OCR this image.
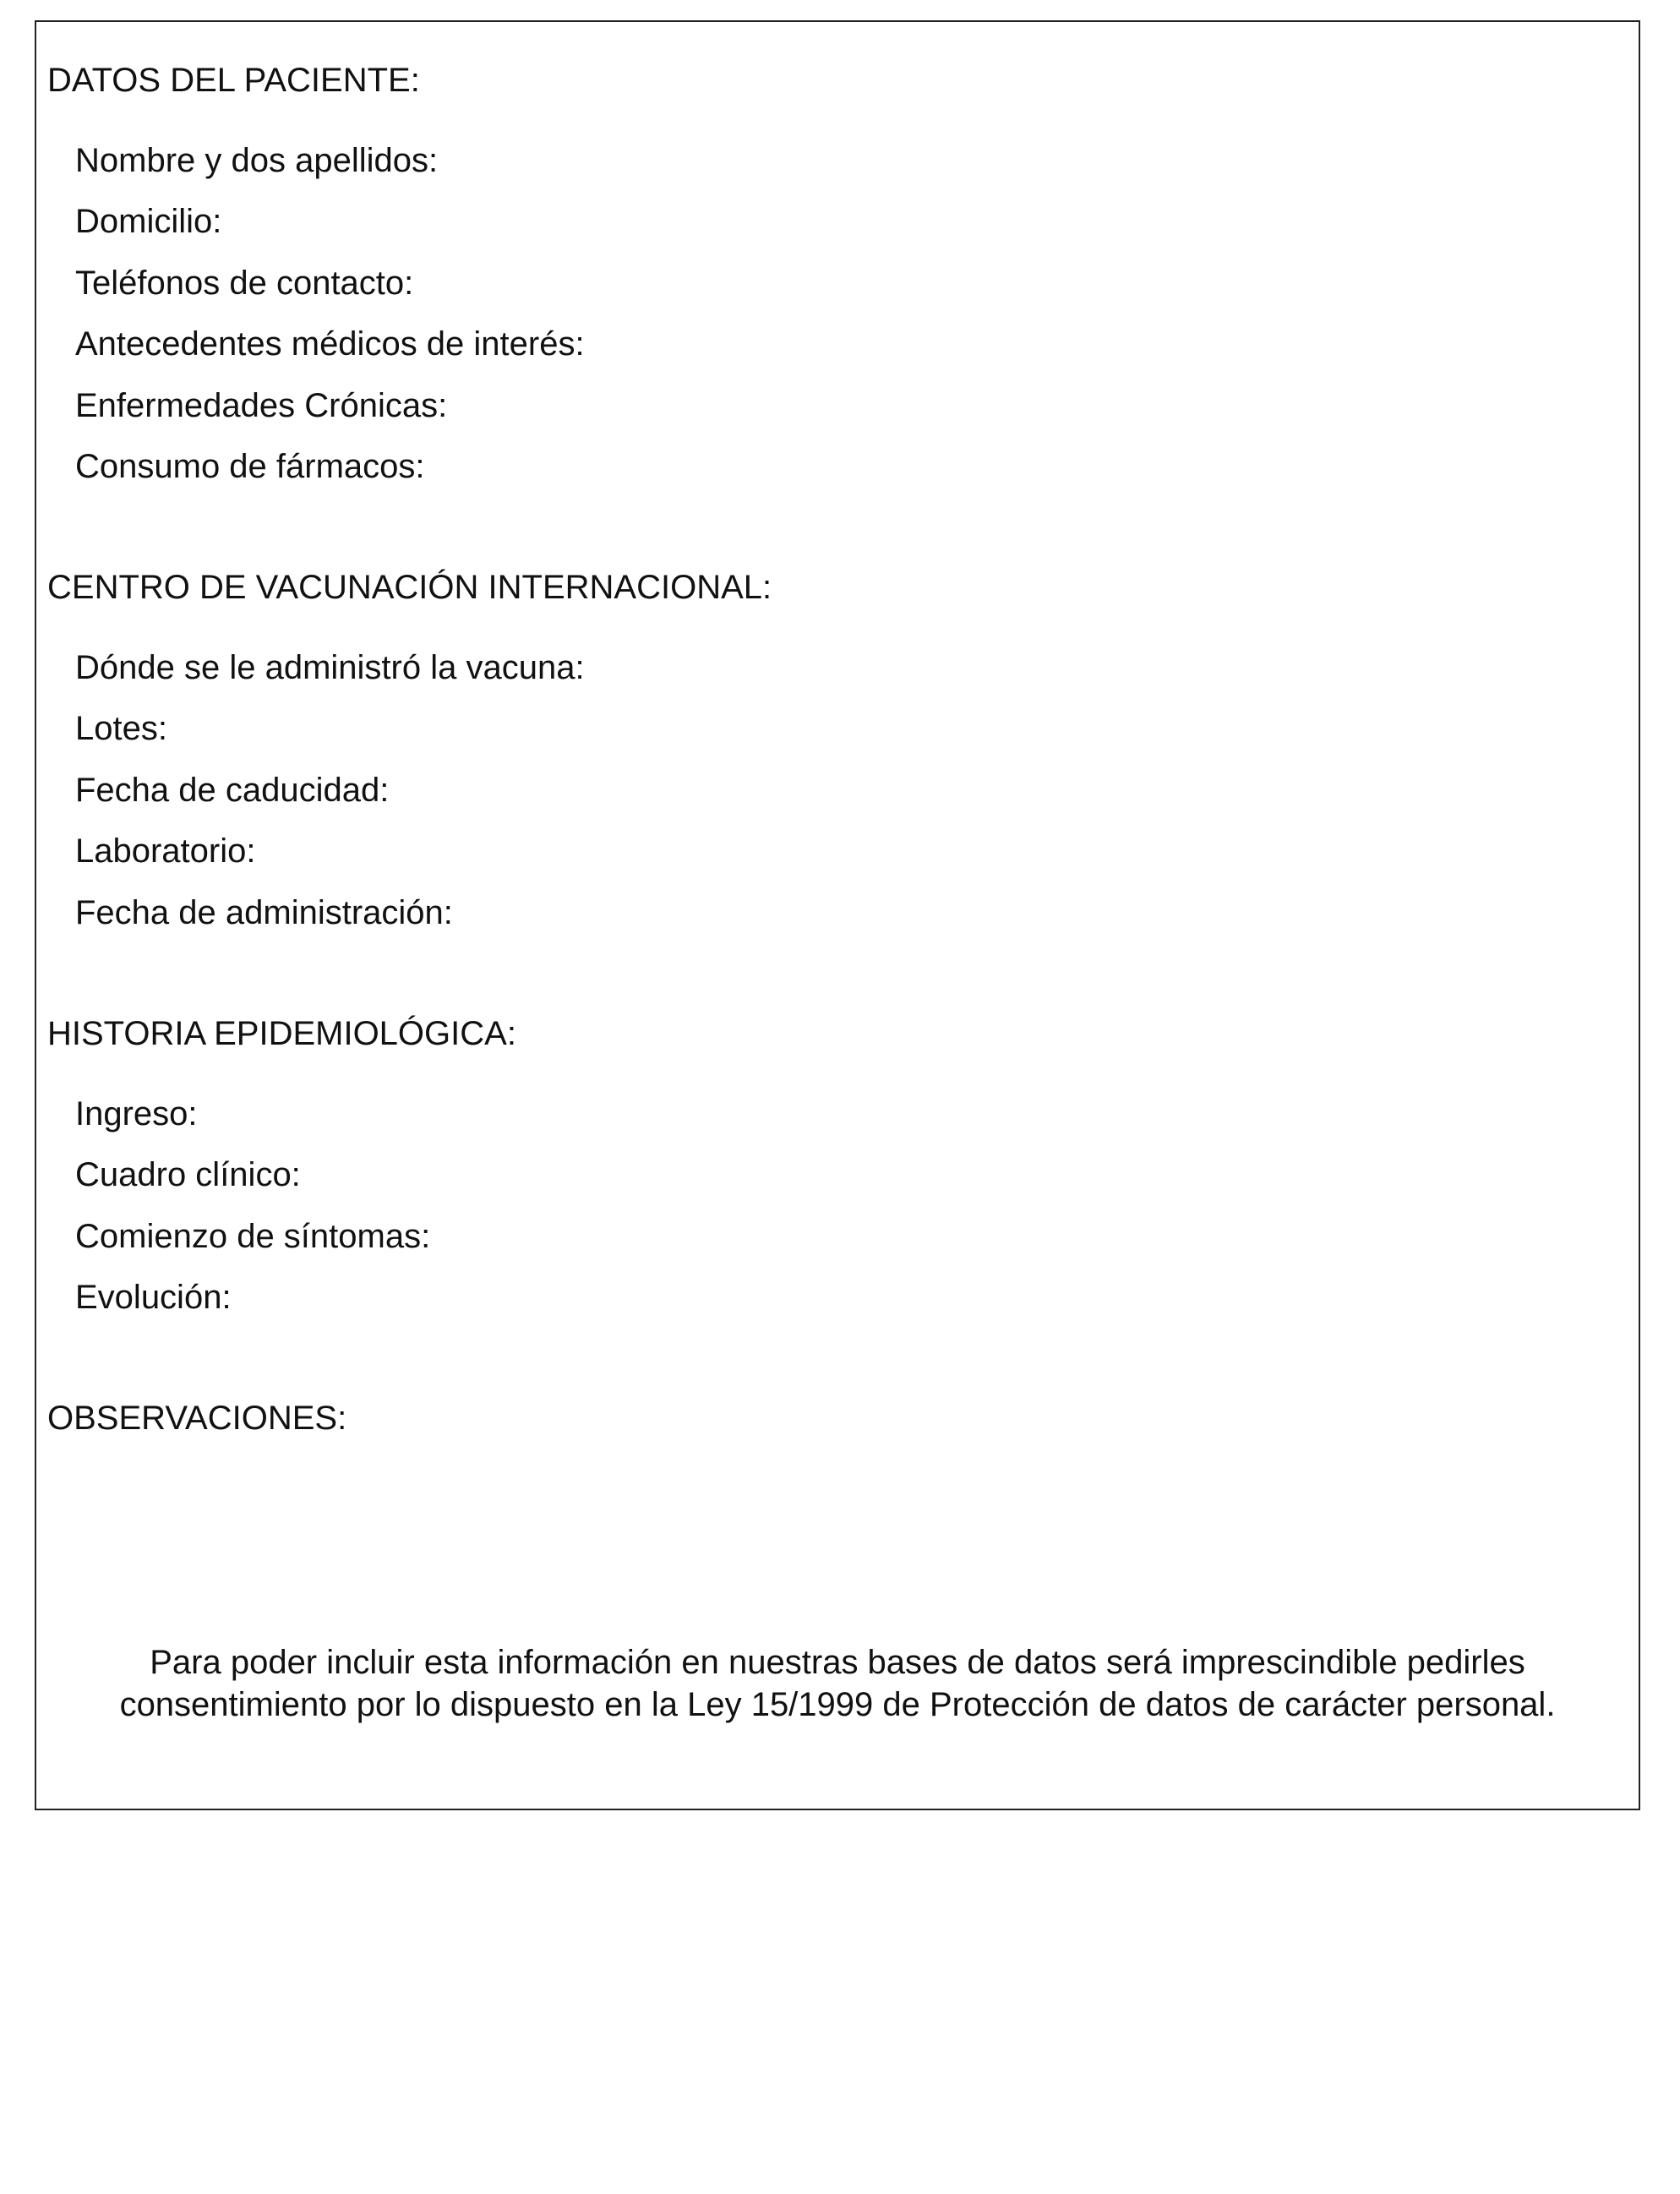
DATOS DEL PACIENTE:
Nombre y dos apellidos:
Domicilio:
Teléfonos de contacto:
Antecedentes médicos de interés:
Enfermedades Crónicas:
Consumo de fármacos:
CENTRO DE VACUNACIÓN INTERNACIONAL:
Dónde se le administró la vacuna:
Lotes:
Fecha de caducidad:
Laboratorio:
Fecha de administración:
HISTORIA EPIDEMIOLÓGICA:
Ingreso:
Cuadro clínico:
Comienzo de síntomas:
Evolución:
OBSERVACIONES:
Para poder incluir esta información en nuestras bases de datos será imprescindible pedirles consentimiento por lo dispuesto en la Ley 15/1999 de Protección de datos de carácter personal.
